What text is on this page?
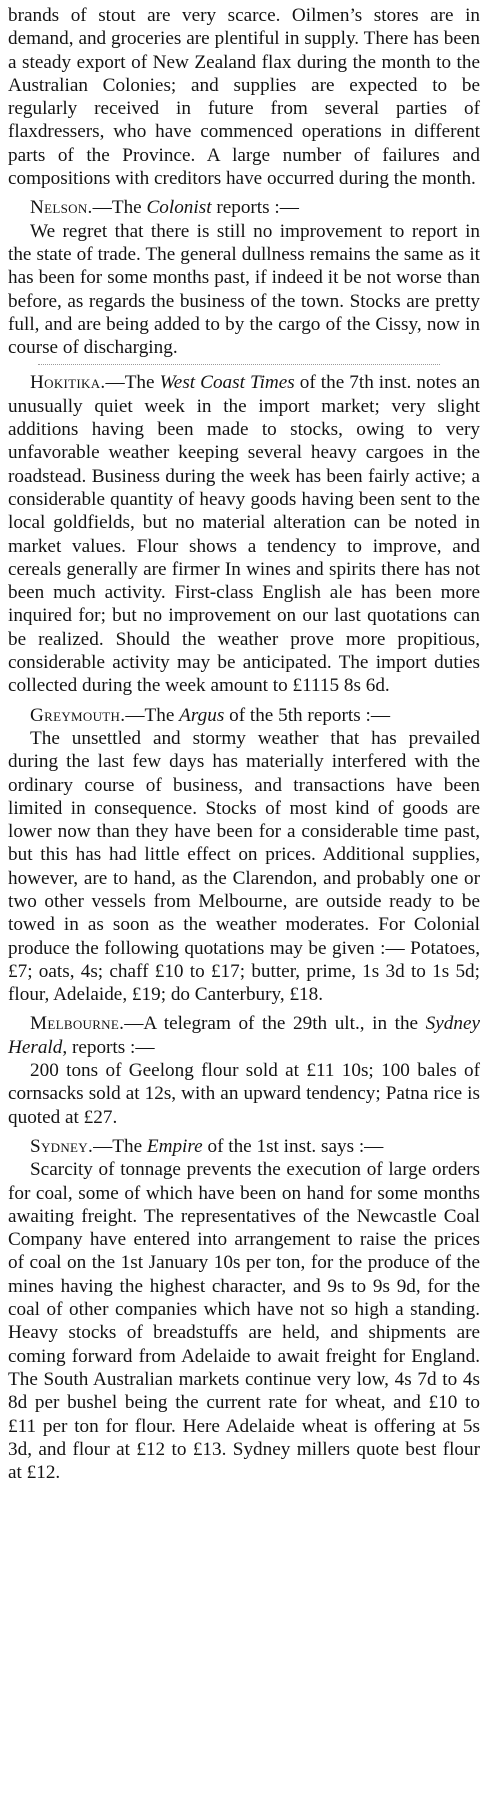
brands of stout are very scarce. Oilmen’s stores are in demand, and groceries are plentiful in supply. There has been a steady export of New Zealand flax during the month to the Australian Colonies; and supplies are expected to be regularly received in future from several parties of flaxdressers, who have commenced operations in different parts of the Province. A large number of failures and compositions with creditors have occurred during the month.

Nelson.—The Colonist reports :—

We regret that there is still no improvement to report in the state of trade. The general dullness remains the same as it has been for some months past, if indeed it be not worse than before, as regards the business of the town. Stocks are pretty full, and are being added to by the cargo of the Cissy, now in course of discharging.

Hokitika.—The West Coast Times of the 7th inst. notes an unusually quiet week in the import market; very slight additions having been made to stocks, owing to very unfavorable weather keeping several heavy cargoes in the roadstead. Business during the week has been fairly active; a considerable quantity of heavy goods having been sent to the local goldfields, but no material alteration can be noted in market values. Flour shows a tendency to improve, and cereals generally are firmer In wines and spirits there has not been much activity. First-class English ale has been more inquired for; but no improvement on our last quotations can be realized. Should the weather prove more propitious, considerable activity may be anticipated. The import duties collected during the week amount to £1115 8s 6d.

Greymouth.—The Argus of the 5th reports :—

The unsettled and stormy weather that has prevailed during the last few days has materially interfered with the ordinary course of business, and transactions have been limited in consequence. Stocks of most kind of goods are lower now than they have been for a considerable time past, but this has had little effect on prices. Additional supplies, however, are to hand, as the Clarendon, and probably one or two other vessels from Melbourne, are outside ready to be towed in as soon as the weather moderates. For Colonial produce the following quotations may be given :— Potatoes, £7; oats, 4s; chaff £10 to £17; butter, prime, 1s 3d to 1s 5d; flour, Adelaide, £19; do Canterbury, £18.

Melbourne.—A telegram of the 29th ult., in the Sydney Herald, reports :—

200 tons of Geelong flour sold at £11 10s; 100 bales of cornsacks sold at 12s, with an upward tendency; Patna rice is quoted at £27.

Sydney.—The Empire of the 1st inst. says :—

Scarcity of tonnage prevents the execution of large orders for coal, some of which have been on hand for some months awaiting freight. The representatives of the Newcastle Coal Company have entered into arrangement to raise the prices of coal on the 1st January 10s per ton, for the produce of the mines having the highest character, and 9s to 9s 9d, for the coal of other companies which have not so high a standing. Heavy stocks of breadstuffs are held, and shipments are coming forward from Adelaide to await freight for England. The South Australian markets continue very low, 4s 7d to 4s 8d per bushel being the current rate for wheat, and £10 to £11 per ton for flour. Here Adelaide wheat is offering at 5s 3d, and flour at £12 to £13. Sydney millers quote best flour at £12.
